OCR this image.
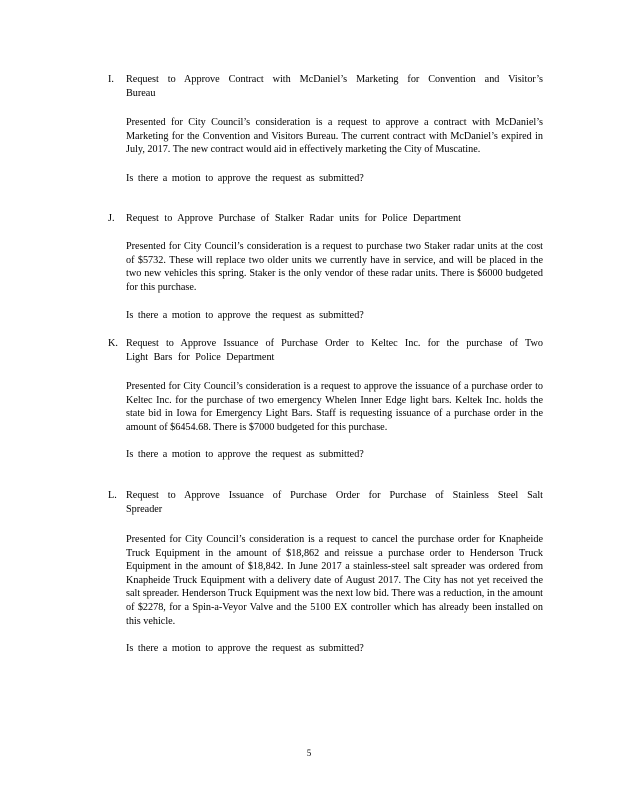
I.	Request to Approve Contract with McDaniel’s Marketing for Convention and Visitor’s Bureau

Presented for City Council’s consideration is a request to approve a contract with McDaniel’s Marketing for the Convention and Visitors Bureau. The current contract with McDaniel’s expired in July, 2017. The new contract would aid in effectively marketing the City of Muscatine.

Is there a motion to approve the request as submitted?

J.	Request to Approve Purchase of Stalker Radar units for Police Department

Presented for City Council’s consideration is a request to purchase two Staker radar units at the cost of $5732. These will replace two older units we currently have in service, and will be placed in the two new vehicles this spring. Staker is the only vendor of these radar units. There is $6000 budgeted for this purchase.

Is there a motion to approve the request as submitted?

K. Request to Approve Issuance of Purchase Order to Keltec Inc. for the purchase of Two Light Bars for Police Department

Presented for City Council’s consideration is a request to approve the issuance of a purchase order to Keltec Inc. for the purchase of two emergency Whelen Inner Edge light bars. Keltek Inc. holds the state bid in Iowa for Emergency Light Bars. Staff is requesting issuance of a purchase order in the amount of $6454.68. There is $7000 budgeted for this purchase.

Is there a motion to approve the request as submitted?

L. Request to Approve Issuance of Purchase Order for Purchase of Stainless Steel Salt Spreader

Presented for City Council’s consideration is a request to cancel the purchase order for Knapheide Truck Equipment in the amount of $18,862 and reissue a purchase order to Henderson Truck Equipment in the amount of $18,842. In June 2017 a stainless-steel salt spreader was ordered from Knapheide Truck Equipment with a delivery date of August 2017. The City has not yet received the salt spreader. Henderson Truck Equipment was the next low bid. There was a reduction, in the amount of $2278, for a Spin-a-Veyor Valve and the 5100 EX controller which has already been installed on this vehicle.

Is there a motion to approve the request as submitted?

5
